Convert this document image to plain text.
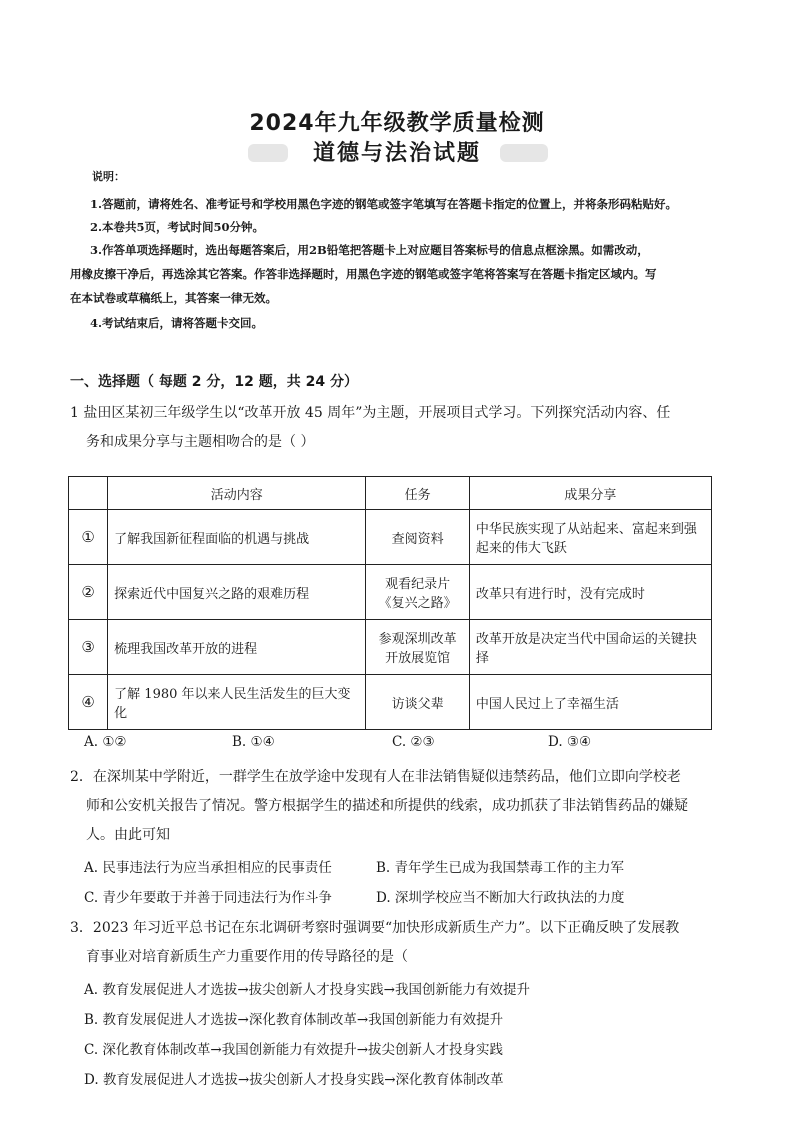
2024年九年级教学质量检测
道德与法治试题
说明：
1.答题前，请将姓名、准考证号和学校用黑色字迹的钢笔或签字笔填写在答题卡指定的位置上，并将条形码粘贴好。
2.本卷共5页，考试时间50分钟。
3.作答单项选择题时，选出每题答案后，用2B铅笔把答题卡上对应题目答案标号的信息点框涂黑。如需改动，
用橡皮擦干净后，再选涂其它答案。作答非选择题时，用黑色字迹的钢笔或签字笔将答案写在答题卡指定区域内。写
在本试卷或草稿纸上，其答案一律无效。
4.考试结束后，请将答题卡交回。
一、选择题（ 每题 2 分，12 题，共 24 分）
1 盐田区某初三年级学生以“改革开放 45 周年”为主题，开展项目式学习。下列探究活动内容、任
务和成果分享与主题相吻合的是（ ）
	活动内容	任务	成果分享
①	了解我国新征程面临的机遇与挑战	查阅资料	中华民族实现了从站起来、富起来到强起来的伟大飞跃
②	探索近代中国复兴之路的艰难历程	观看纪录片《复兴之路》	改革只有进行时，没有完成时
③	梳理我国改革开放的进程	参观深圳改革开放展览馆	改革开放是决定当代中国命运的关键抉择
④	了解 1980 年以来人民生活发生的巨大变化	访谈父辈	中国人民过上了幸福生活
A. ①②	B. ①④	C. ②③	D. ③④
2．在深圳某中学附近，一群学生在放学途中发现有人在非法销售疑似违禁药品，他们立即向学校老
师和公安机关报告了情况。警方根据学生的描述和所提供的线索，成功抓获了非法销售药品的嫌疑
人。由此可知
A. 民事违法行为应当承担相应的民事责任	B. 青年学生已成为我国禁毒工作的主力军
C. 青少年要敢于并善于同违法行为作斗争	D. 深圳学校应当不断加大行政执法的力度
3．2023 年习近平总书记在东北调研考察时强调要“加快形成新质生产力”。以下正确反映了发展教
育事业对培育新质生产力重要作用的传导路径的是（
A. 教育发展促进人才选拔→拔尖创新人才投身实践→我国创新能力有效提升
B. 教育发展促进人才选拔→深化教育体制改革→我国创新能力有效提升
C. 深化教育体制改革→我国创新能力有效提升→拔尖创新人才投身实践
D. 教育发展促进人才选拔→拔尖创新人才投身实践→深化教育体制改革
